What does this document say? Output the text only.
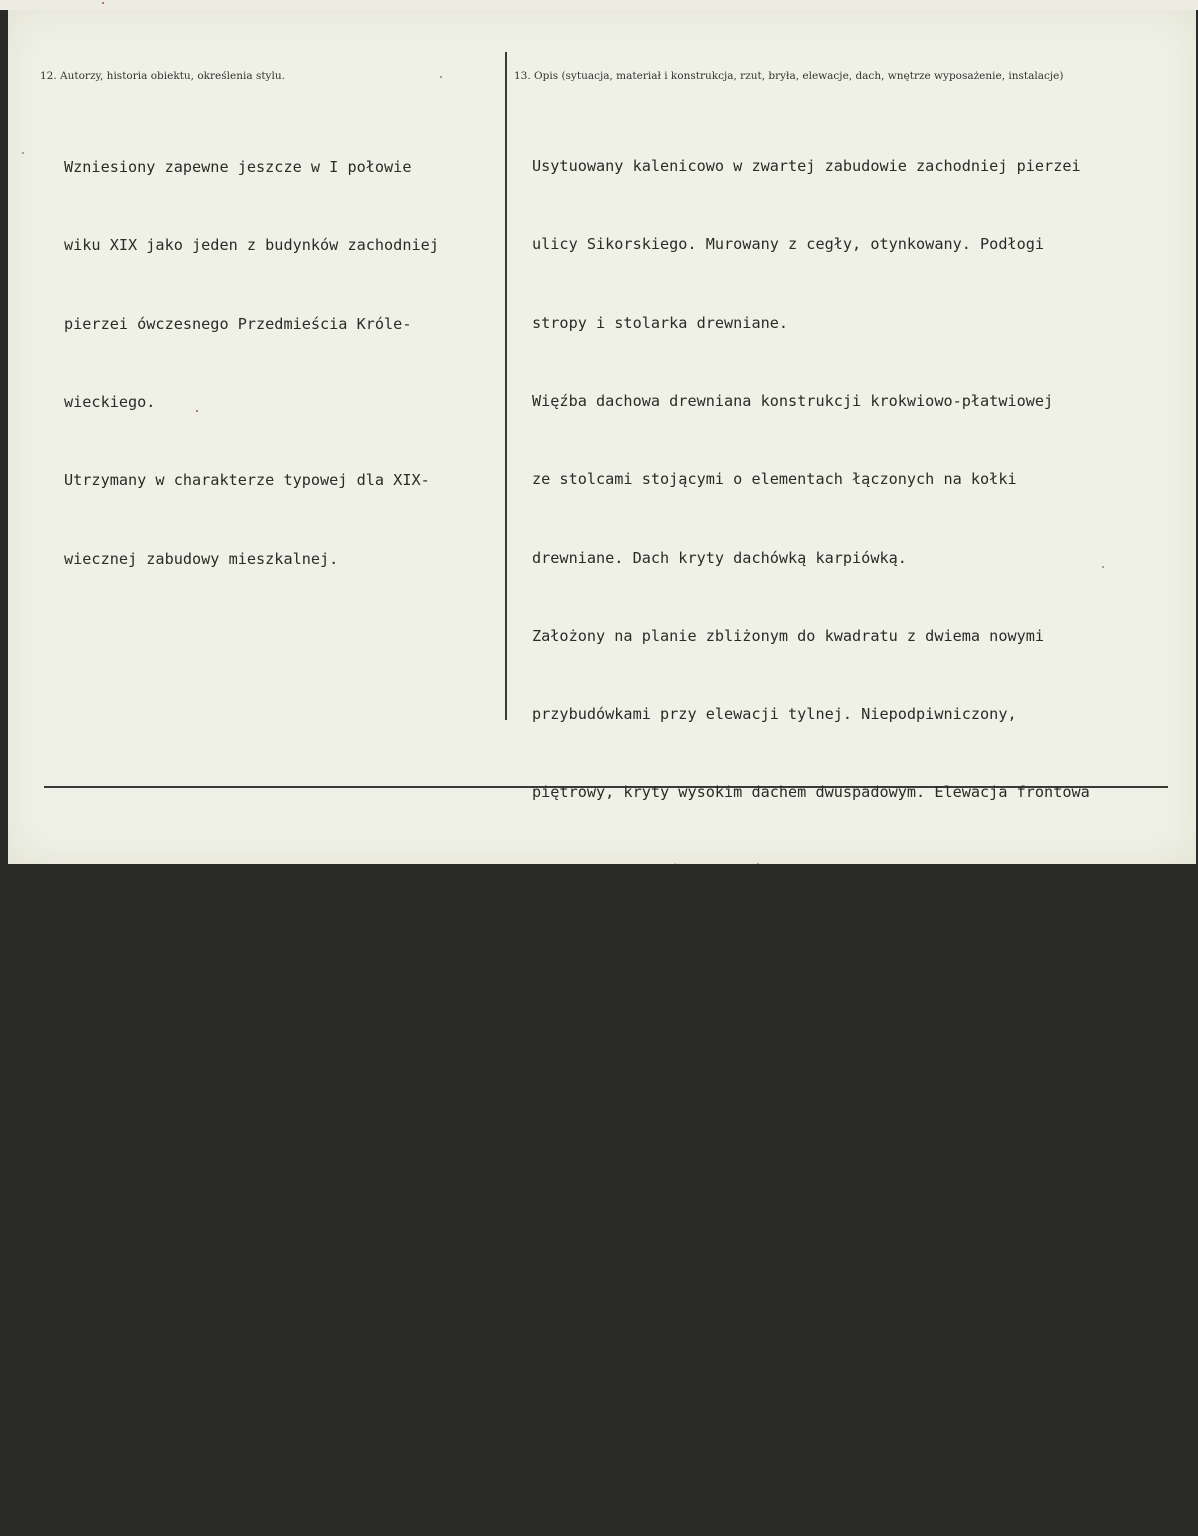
12. Autorzy, historia obiektu, określenia stylu.	13. Opis (sytuacja, materiał i konstrukcja, rzut, bryła, elewacje, dach, wnętrze wyposażenie, instalacje)

Wzniesiony zapewne jeszcze w I połowie

wiku XIX jako jeden z budynków zachodniej

pierzei ówczesnego Przedmieścia Króle-

wieckiego.

Utrzymany w charakterze typowej dla XIX-

wiecznej zabudowy mieszkalnej.

Usytuowany kalenicowo w zwartej zabudowie zachodniej pierzei

ulicy Sikorskiego. Murowany z cegły, otynkowany. Podłogi

stropy i stolarka drewniane.

Więźba dachowa drewniana konstrukcji krokwiowo-płatwiowej

ze stolcami stojącymi o elementach łączonych na kołki

drewniane. Dach kryty dachówką karpiówką.

Założony na planie zbliżonym do kwadratu z dwiema nowymi

przybudówkami przy elewacji tylnej. Niepodpiwniczony,

piętrowy, kryty wysokim dachem dwuspadowym. Elewacja frontowa

trzyosiowa z głównym wejściem do budynku i witryną

baru w przyziemiu. Elewację wieńczy prosty gzyms podokapowy.

Układ wnęki dwutraktowy z pomieszczeniem klatki schodowej

w lewym skraju przedniego traktu.

Schody drewniane z balustradą tralkową, we wnętrzach stropy

belkowe ozdobione sfazowanymi krawędziami belek, wtórnie

podbite pilśniówką.

Obiekt wyposażony w instalację elektryczną i wodociągowo-

kanalizacyjną.
